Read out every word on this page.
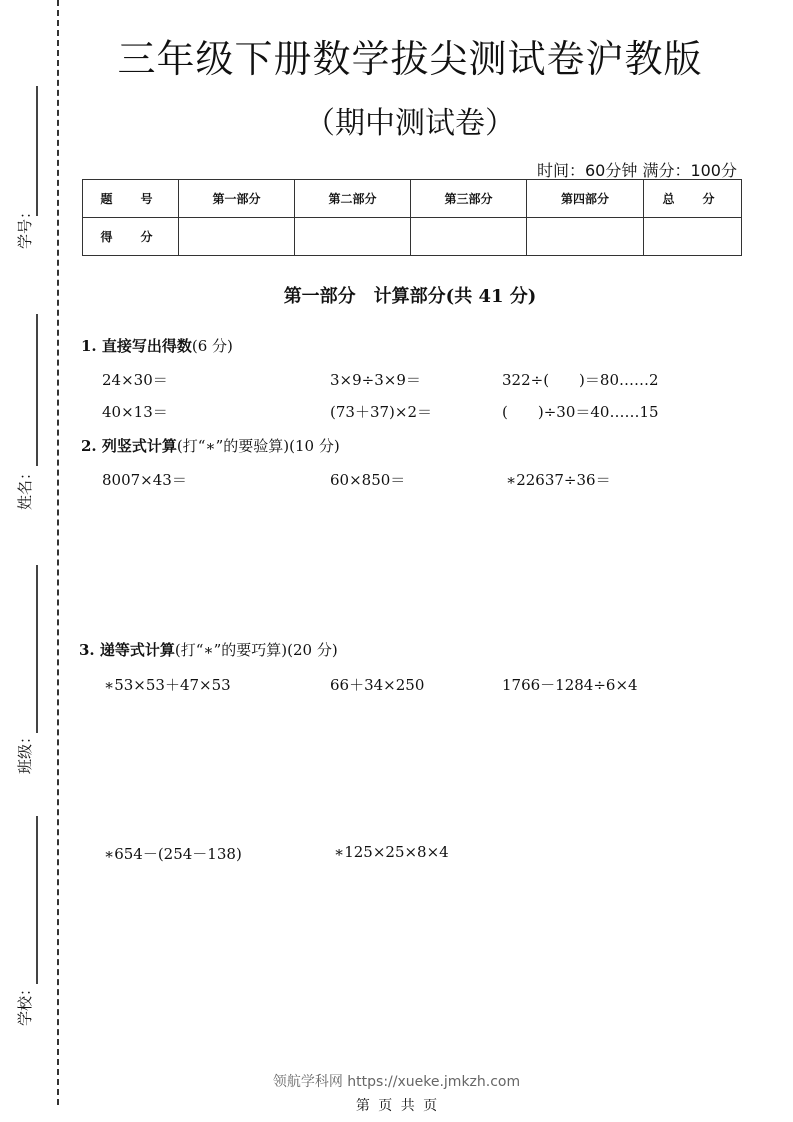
学号：
姓名：
班级：
学校：
三年级下册数学拔尖测试卷沪教版
（期中测试卷）
时间：60分钟 满分：100分
题　号	第一部分	第二部分	第三部分	第四部分	总　分
得　分					
第一部分　计算部分(共 41 分)
1. 直接写出得数(6 分)
24×30＝	3×9÷3×9＝	322÷(　　)＝80……2
40×13＝	(73＋37)×2＝	(　　)÷30＝40……15
2. 列竖式计算(打“∗”的要验算)(10 分)
8007×43＝	60×850＝	∗22637÷36＝
3. 递等式计算(打“∗”的要巧算)(20 分)
∗53×53＋47×53	66＋34×250	1766－1284÷6×4
∗654－(254－138)	∗125×25×8×4
领航学科网 https://xueke.jmkzh.com
第 页 共 页
